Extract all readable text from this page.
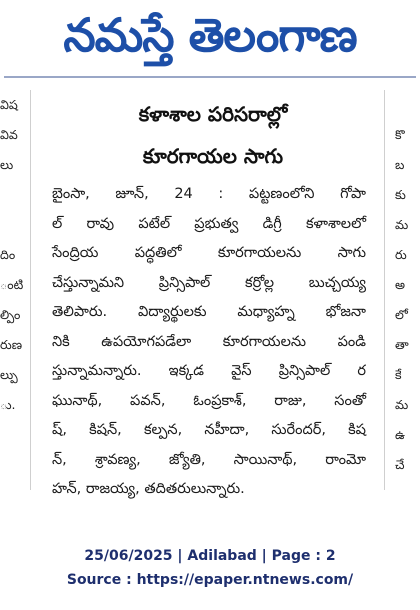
నమస్తే తెలంగాణ
విష
వివ
లు
దిం
ంటి
ల్పిం
రుణ
ల్పు
ు.
కొ
బ
కు
మ
రు
అ
లో
తా
కే
మ
ఉ
చే
కళాశాల పరిసరాల్లో
కూరగాయల సాగు
బైంసా, జూన్, 24 : పట్టణంలోని గోపా
ల్ రావు పటేల్ ప్రభుత్వ డిగ్రీ కళాశాలలో
సేంద్రియ పద్ధతిలో కూరగాయలను సాగు
చేస్తున్నామని ప్రిన్సిపాల్ కర్రోల్ల బుచ్చయ్య
తెలిపారు. విద్యార్థులకు మధ్యాహ్న భోజనా
నికి ఉపయోగపడేలా కూరగాయలను పండి
స్తున్నామన్నారు. ఇక్కడ వైస్ ప్రిన్సిపాల్ ర
ఘునాథ్, పవన్, ఓంప్రకాశ్, రాజు, సంతో
ష్, కిషన్, కల్పన, నహీదా, సురేందర్, కిష
న్, శ్రావణ్య, జ్యోతి, సాయినాథ్, రాంమో
హన్, రాజయ్య, తదితరులున్నారు.
25/06/2025 | Adilabad | Page : 2
Source : https://epaper.ntnews.com/
